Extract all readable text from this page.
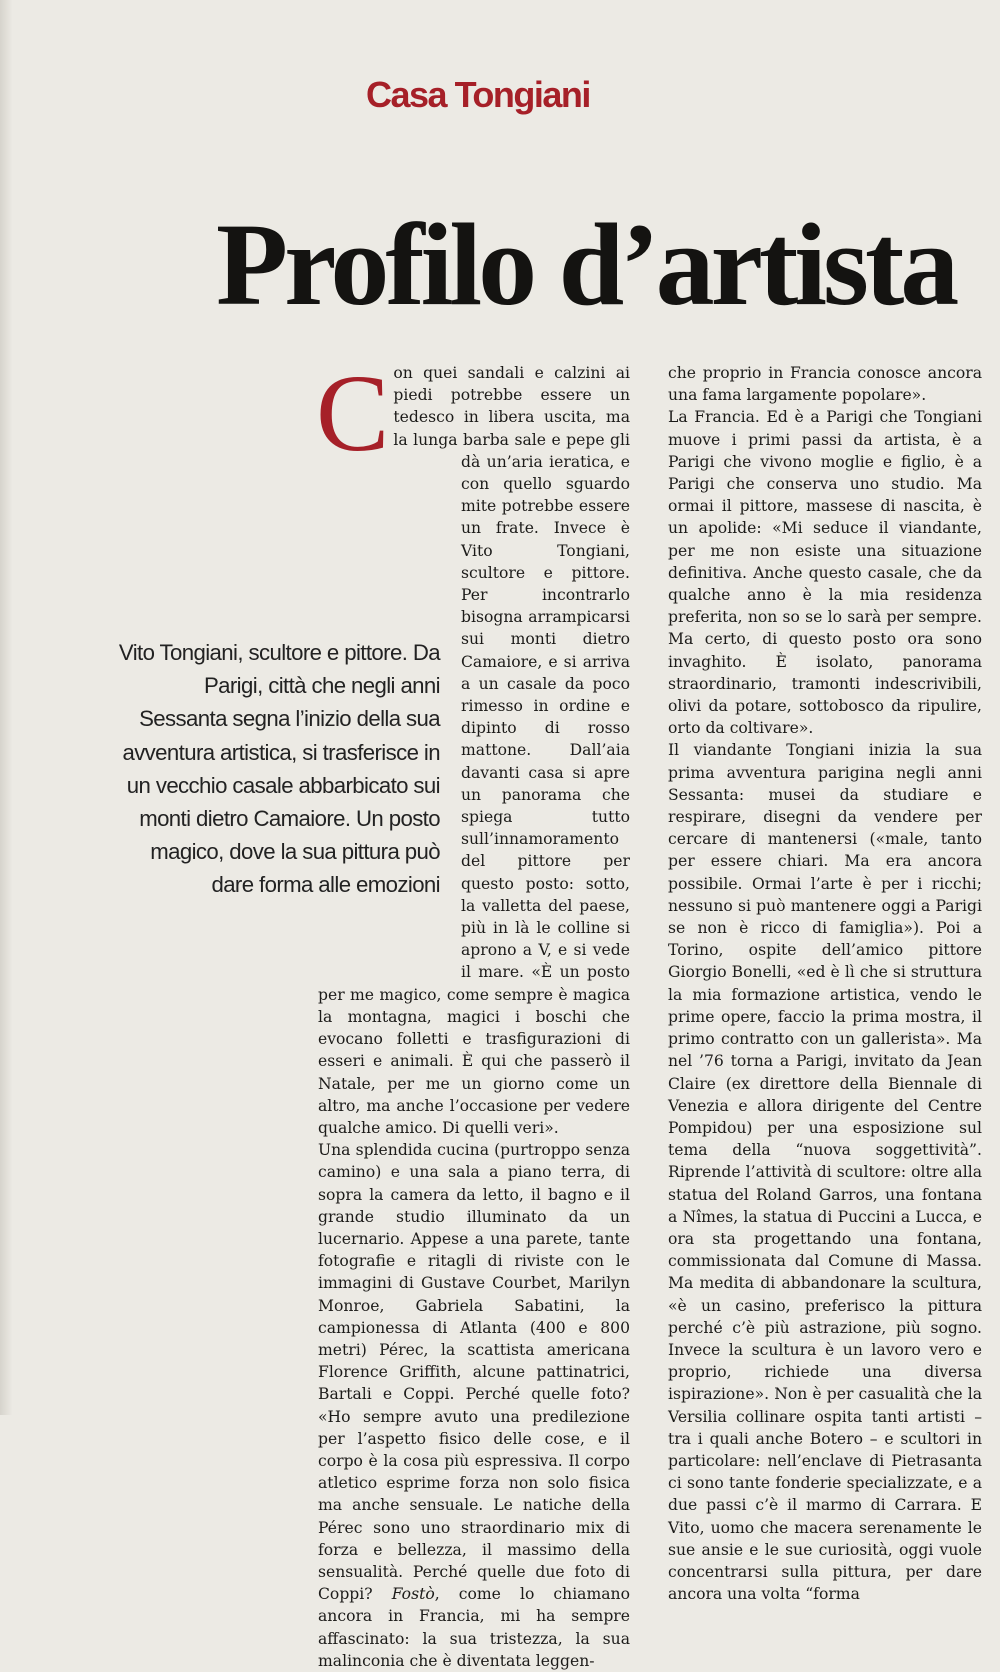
Casa Tongiani
Profilo d’artista

C on quei sandali e calzini ai piedi potrebbe essere un tedesco in libera uscita, ma la lunga barba sale e pepe gli dà un’aria ieratica, e con quello sguardo mite potrebbe essere un frate. Invece è Vito Tongiani, scultore e pittore. Per incontrarlo bisogna arrampicarsi sui monti dietro Camaiore, e si arriva a un casale da poco rimesso in ordine e dipinto di rosso mattone. Dall’aia davanti casa si apre un panorama che spiega tutto sull’innamoramento del pittore per questo posto: sotto, la valletta del paese, più in là le colline si aprono a V, e si vede il mare. «È un posto per me magico, come sempre è magica la montagna, magici i boschi che evocano folletti e trasfigurazioni di esseri e animali. È qui che passerò il Natale, per me un giorno come un altro, ma anche l’occasione per vedere qualche amico. Di quelli veri».

Una splendida cucina (purtroppo senza camino) e una sala a piano terra, di sopra la camera da letto, il bagno e il grande studio illuminato da un lucernario. Appese a una parete, tante fotografie e ritagli di riviste con le immagini di Gustave Courbet, Marilyn Monroe, Gabriela Sabatini, la campionessa di Atlanta (400 e 800 metri) Pérec, la scattista americana Florence Griffith, alcune pattinatrici, Bartali e Coppi. Perché quelle foto? «Ho sempre avuto una predilezione per l’aspetto fisico delle cose, e il corpo è la cosa più espressiva. Il corpo atletico esprime forza non solo fisica ma anche sensuale. Le natiche della Pérec sono uno straordinario mix di forza e bellezza, il massimo della sensualità. Perché quelle due foto di Coppi? Fostò, come lo chiamano ancora in Francia, mi ha sempre affascinato: la sua tristezza, la sua malinconia che è diventata leggen-

che proprio in Francia conosce ancora una fama largamente popolare».

La Francia. Ed è a Parigi che Tongiani muove i primi passi da artista, è a Parigi che vivono moglie e figlio, è a Parigi che conserva uno studio. Ma ormai il pittore, massese di nascita, è un apolide: «Mi seduce il viandante, per me non esiste una situazione definitiva. Anche questo casale, che da qualche anno è la mia residenza preferita, non so se lo sarà per sempre. Ma certo, di questo posto ora sono invaghito. È isolato, panorama straordinario, tramonti indescrivibili, olivi da potare, sottobosco da ripulire, orto da coltivare».

Il viandante Tongiani inizia la sua prima avventura parigina negli anni Sessanta: musei da studiare e respirare, disegni da vendere per cercare di mantenersi («male, tanto per essere chiari. Ma era ancora possibile. Ormai l’arte è per i ricchi; nessuno si può mantenere oggi a Parigi se non è ricco di famiglia»). Poi a Torino, ospite dell’amico pittore Giorgio Bonelli, «ed è lì che si struttura la mia formazione artistica, vendo le prime opere, faccio la prima mostra, il primo contratto con un gallerista». Ma nel ’76 torna a Parigi, invitato da Jean Claire (ex direttore della Biennale di Venezia e allora dirigente del Centre Pompidou) per una esposizione sul tema della “nuova soggettività”. Riprende l’attività di scultore: oltre alla statua del Roland Garros, una fontana a Nîmes, la statua di Puccini a Lucca, e ora sta progettando una fontana, commissionata dal Comune di Massa. Ma medita di abbandonare la scultura, «è un casino, preferisco la pittura perché c’è più astrazione, più sogno. Invece la scultura è un lavoro vero e proprio, richiede una diversa ispirazione». Non è per casualità che la Versilia collinare ospita tanti artisti – tra i quali anche Botero – e scultori in particolare: nell’enclave di Pietrasanta ci sono tante fonderie specializzate, e a due passi c’è il marmo di Carrara. E Vito, uomo che macera serenamente le sue ansie e le sue curiosità, oggi vuole concentrarsi sulla pittura, per dare ancora una volta “forma

Vito Tongiani, scultore e pittore. Da Parigi, città che negli anni Sessanta segna l’inizio della sua avventura artistica, si trasferisce in un vecchio casale abbarbicato sui monti dietro Camaiore. Un posto magico, dove la sua pittura può dare forma alle emozioni
